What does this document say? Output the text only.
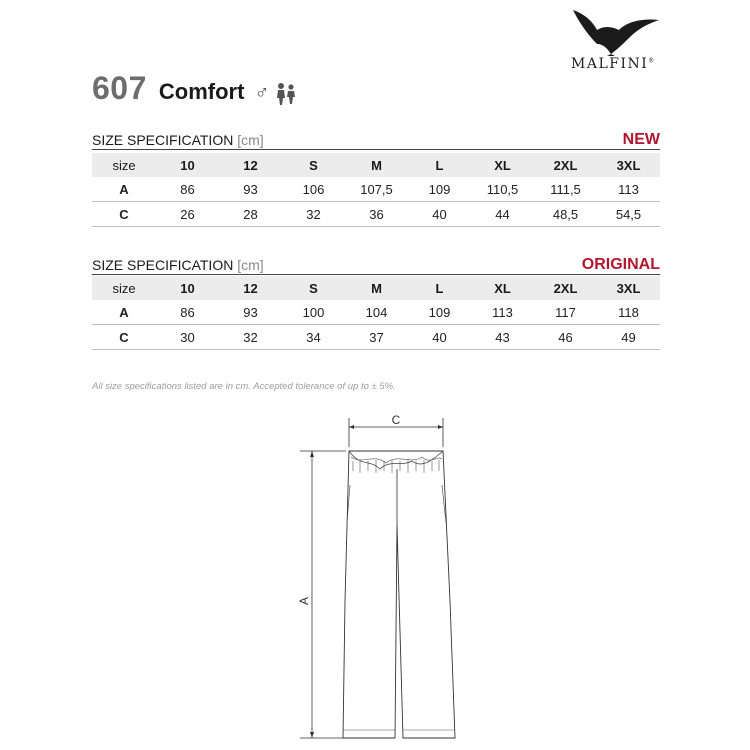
MALFINI®
607 Comfort ♂
SIZE SPECIFICATION [cm]	NEW
size	10	12	S	M	L	XL	2XL	3XL
A	86	93	106	107,5	109	110,5	111,5	113
C	26	28	32	36	40	44	48,5	54,5
SIZE SPECIFICATION [cm]	ORIGINAL
size	10	12	S	M	L	XL	2XL	3XL
A	86	93	100	104	109	113	117	118
C	30	32	34	37	40	43	46	49
All size specifications listed are in cm. Accepted tolerance of up to ± 5%.
C
A
